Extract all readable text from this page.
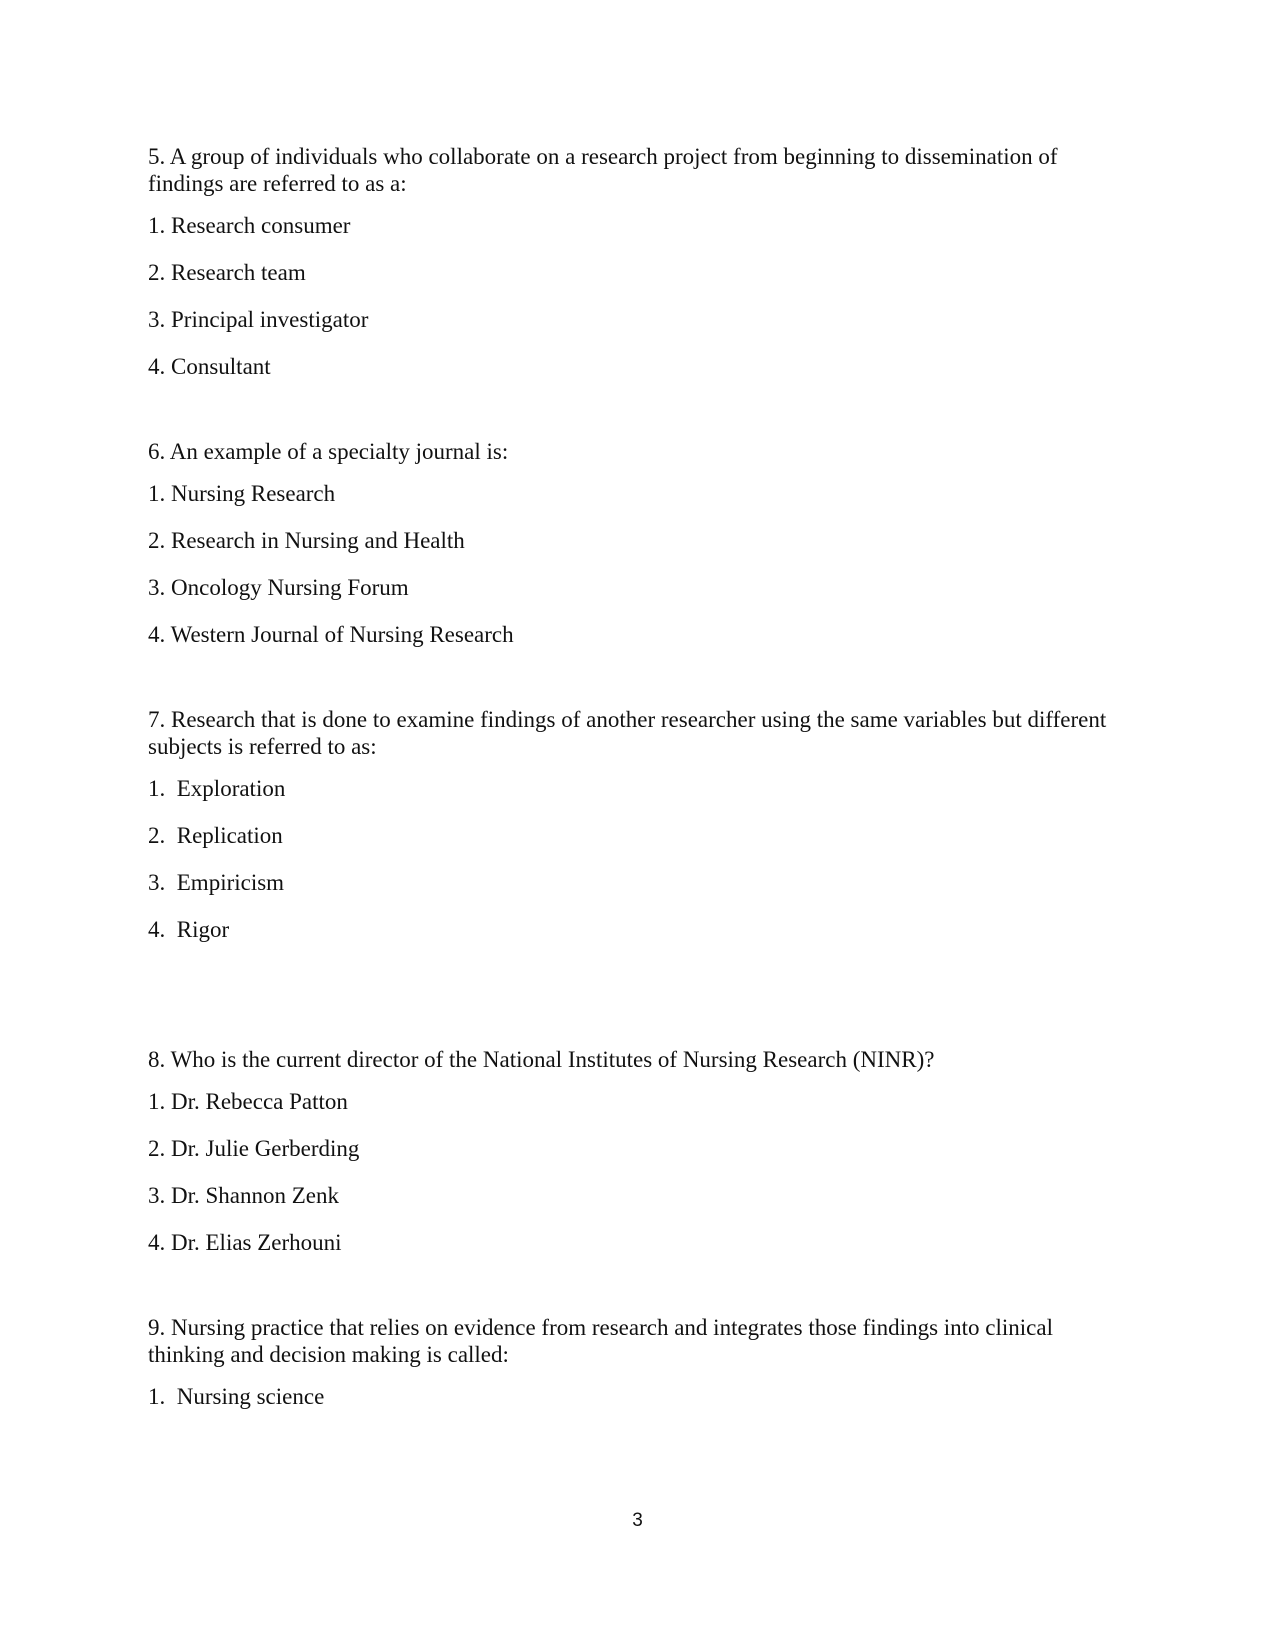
5. A group of individuals who collaborate on a research project from beginning to dissemination of findings are referred to as a:

1. Research consumer
2. Research team
3. Principal investigator
4. Consultant

6. An example of a specialty journal is:

1. Nursing Research
2. Research in Nursing and Health
3. Oncology Nursing Forum
4. Western Journal of Nursing Research

7. Research that is done to examine findings of another researcher using the same variables but different subjects is referred to as:

1.  Exploration
2.  Replication
3.  Empiricism
4.  Rigor

8. Who is the current director of the National Institutes of Nursing Research (NINR)?

1. Dr. Rebecca Patton
2. Dr. Julie Gerberding
3. Dr. Shannon Zenk
4. Dr. Elias Zerhouni

9. Nursing practice that relies on evidence from research and integrates those findings into clinical thinking and decision making is called:

1.  Nursing science
3
